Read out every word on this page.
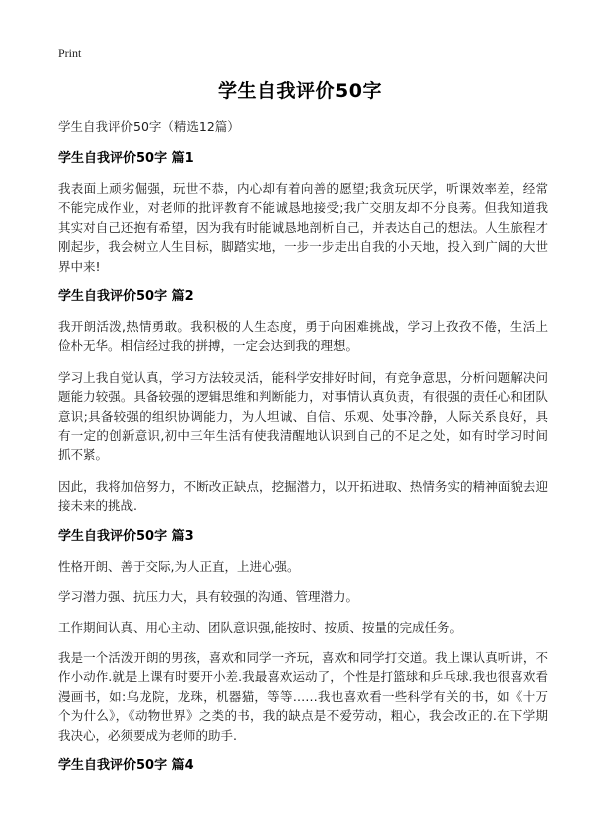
Print
学生自我评价50字
学生自我评价50字（精选12篇）
学生自我评价50字 篇1
我表面上顽劣倔强，玩世不恭，内心却有着向善的愿望;我贪玩厌学，听课效率差，经常不能完成作业，对老师的批评教育不能诚恳地接受;我广交朋友却不分良莠。但我知道我其实对自己还抱有希望，因为我有时能诚恳地剖析自己，并表达自己的想法。人生旅程才刚起步，我会树立人生目标，脚踏实地，一步一步走出自我的小天地，投入到广阔的大世界中来!
学生自我评价50字 篇2
我开朗活泼,热情勇敢。我积极的人生态度，勇于向困难挑战，学习上孜孜不倦，生活上俭朴无华。相信经过我的拼搏，一定会达到我的理想。
学习上我自觉认真，学习方法较灵活，能科学安排好时间，有竞争意思，分析问题解决问题能力较强。具备较强的逻辑思维和判断能力，对事情认真负责，有很强的责任心和团队意识;具备较强的组织协调能力，为人坦诚、自信、乐观、处事冷静，人际关系良好，具有一定的创新意识,初中三年生活有使我清醒地认识到自己的不足之处，如有时学习时间抓不紧。
因此，我将加倍努力，不断改正缺点，挖掘潜力，以开拓进取、热情务实的精神面貌去迎接未来的挑战.
学生自我评价50字 篇3
性格开朗、善于交际,为人正直，上进心强。
学习潜力强、抗压力大，具有较强的沟通、管理潜力。
工作期间认真、用心主动、团队意识强,能按时、按质、按量的完成任务。
我是一个活泼开朗的男孩，喜欢和同学一齐玩，喜欢和同学打交道。我上课认真听讲，不作小动作.就是上课有时要开小差.我最喜欢运动了，个性是打篮球和乒乓球.我也很喜欢看漫画书，如:乌龙院，龙珠，机器猫，等等……我也喜欢看一些科学有关的书，如《十万个为什么》，《动物世界》之类的书，我的缺点是不爱劳动，粗心，我会改正的.在下学期我决心，必须要成为老师的助手.
学生自我评价50字 篇4
